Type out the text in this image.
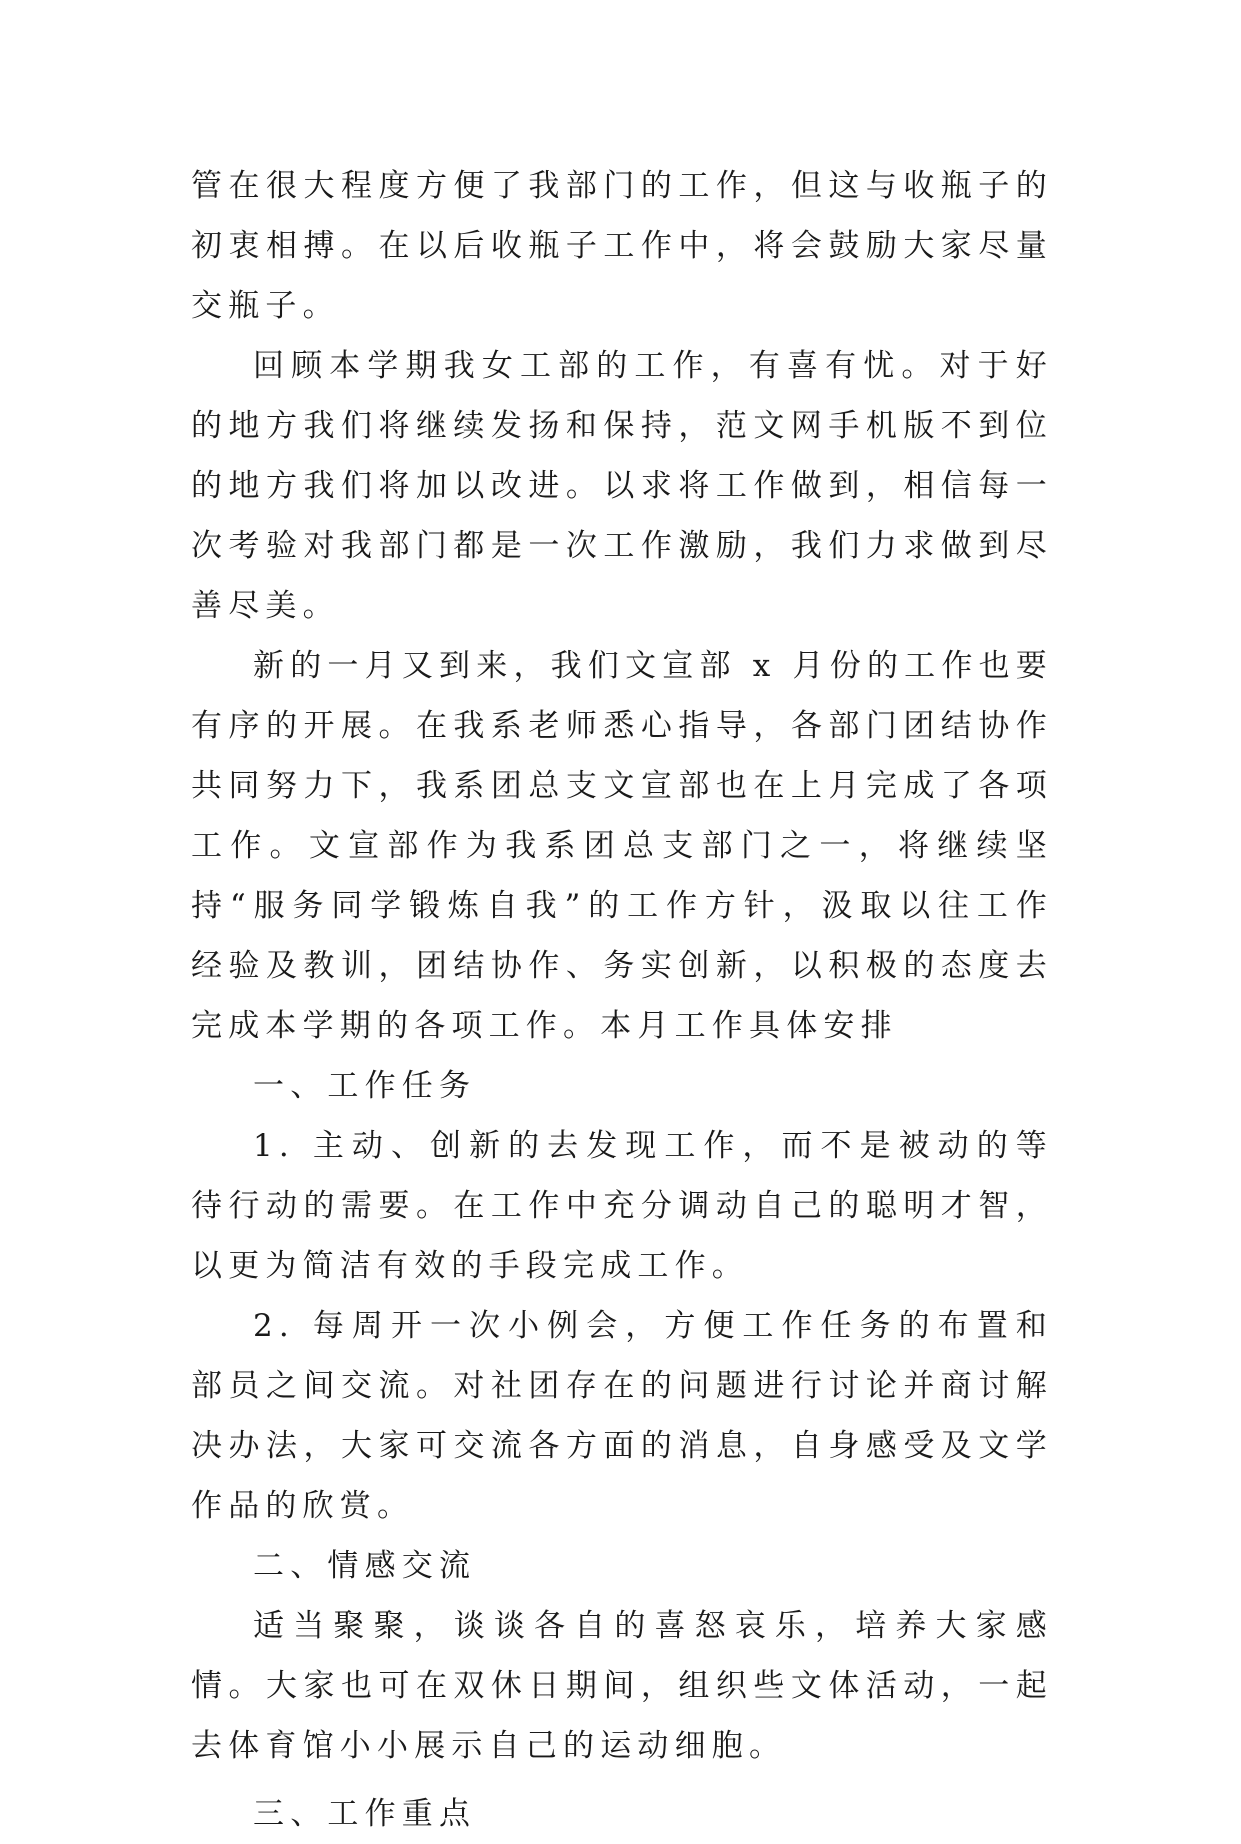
管在很大程度方便了我部门的工作，但这与收瓶子的初衷相搏。在以后收瓶子工作中，将会鼓励大家尽量交瓶子。

回顾本学期我女工部的工作，有喜有忧。对于好的地方我们将继续发扬和保持，范文网手机版不到位的地方我们将加以改进。以求将工作做到，相信每一次考验对我部门都是一次工作激励，我们力求做到尽善尽美。

新的一月又到来，我们文宣部 x 月份的工作也要有序的开展。在我系老师悉心指导，各部门团结协作共同努力下，我系团总支文宣部也在上月完成了各项工作。文宣部作为我系团总支部门之一，将继续坚持“服务同学锻炼自我”的工作方针，汲取以往工作经验及教训，团结协作、务实创新，以积极的态度去完成本学期的各项工作。本月工作具体安排

一、工作任务

1. 主动、创新的去发现工作，而不是被动的等待行动的需要。在工作中充分调动自己的聪明才智，以更为简洁有效的手段完成工作。

2. 每周开一次小例会，方便工作任务的布置和部员之间交流。对社团存在的问题进行讨论并商讨解决办法，大家可交流各方面的消息，自身感受及文学作品的欣赏。

二、情感交流

适当聚聚，谈谈各自的喜怒哀乐，培养大家感情。大家也可在双休日期间，组织些文体活动，一起去体育馆小小展示自己的运动细胞。

三、工作重点
